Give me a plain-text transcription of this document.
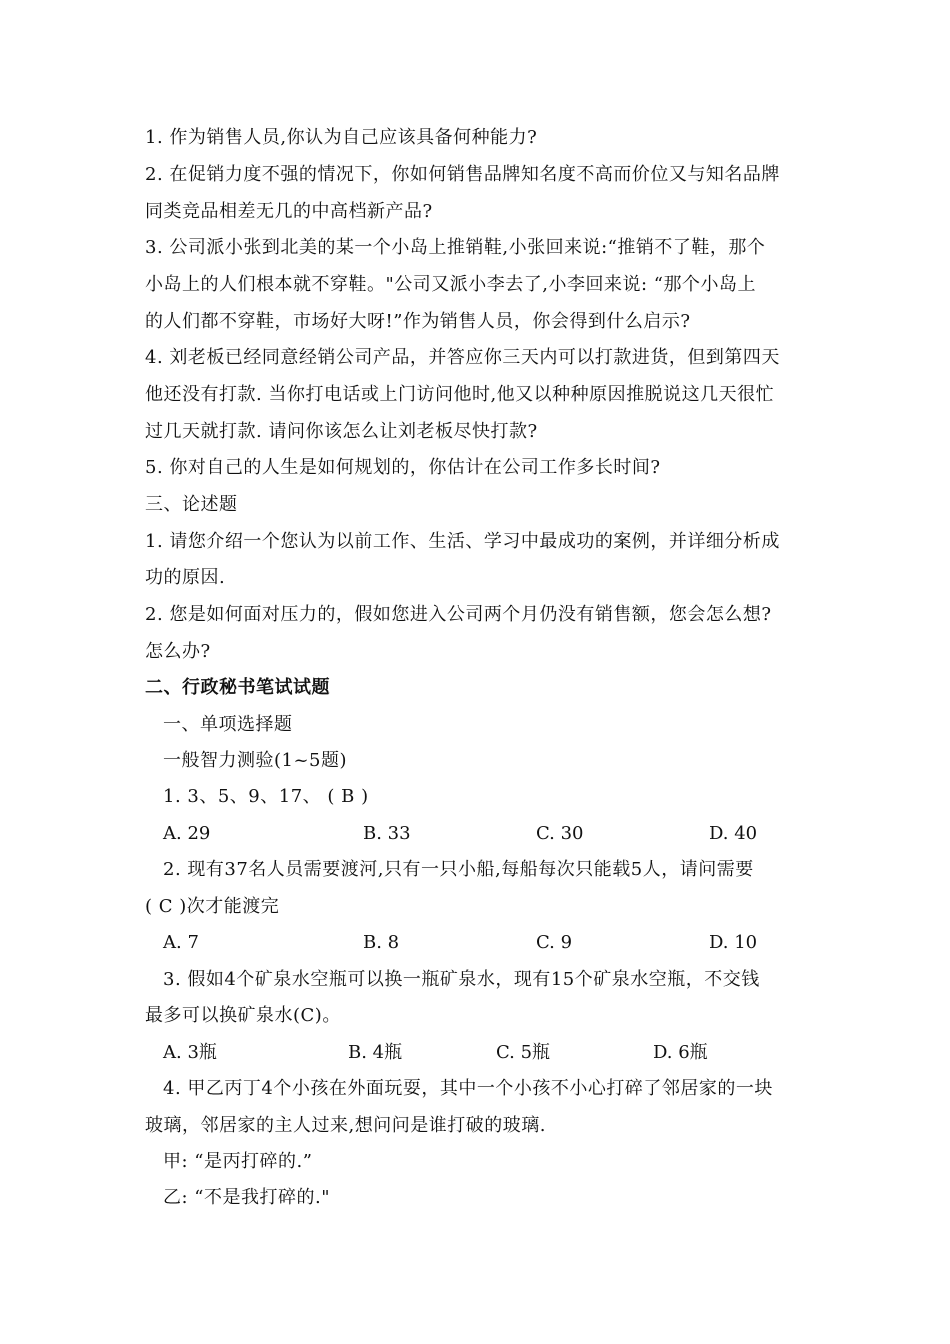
1. 作为销售人员,你认为自己应该具备何种能力?
2. 在促销力度不强的情况下，你如何销售品牌知名度不高而价位又与知名品牌
同类竞品相差无几的中高档新产品?
3. 公司派小张到北美的某一个小岛上推销鞋,小张回来说:“推销不了鞋，那个
小岛上的人们根本就不穿鞋。"公司又派小李去了,小李回来说: “那个小岛上
的人们都不穿鞋，市场好大呀!”作为销售人员，你会得到什么启示?
4. 刘老板已经同意经销公司产品，并答应你三天内可以打款进货，但到第四天
他还没有打款. 当你打电话或上门访问他时,他又以种种原因推脱说这几天很忙
过几天就打款. 请问你该怎么让刘老板尽快打款?
5. 你对自己的人生是如何规划的，你估计在公司工作多长时间?
三、论述题
1. 请您介绍一个您认为以前工作、生活、学习中最成功的案例，并详细分析成
功的原因.
2. 您是如何面对压力的，假如您进入公司两个月仍没有销售额，您会怎么想?
怎么办?
二、行政秘书笔试试题
一、单项选择题
一般智力测验(1~5题)
1. 3、5、9、17、 ( B )
A. 29	B. 33	C. 30	D. 40
2. 现有37名人员需要渡河,只有一只小船,每船每次只能载5人，请问需要
( C )次才能渡完
A. 7	B. 8	C. 9	D. 10
3. 假如4个矿泉水空瓶可以换一瓶矿泉水，现有15个矿泉水空瓶，不交钱
最多可以换矿泉水(C)。
A. 3瓶	B. 4瓶	C. 5瓶	D. 6瓶
4. 甲乙丙丁4个小孩在外面玩耍，其中一个小孩不小心打碎了邻居家的一块
玻璃，邻居家的主人过来,想问问是谁打破的玻璃.
甲: “是丙打碎的.”
乙: “不是我打碎的."
